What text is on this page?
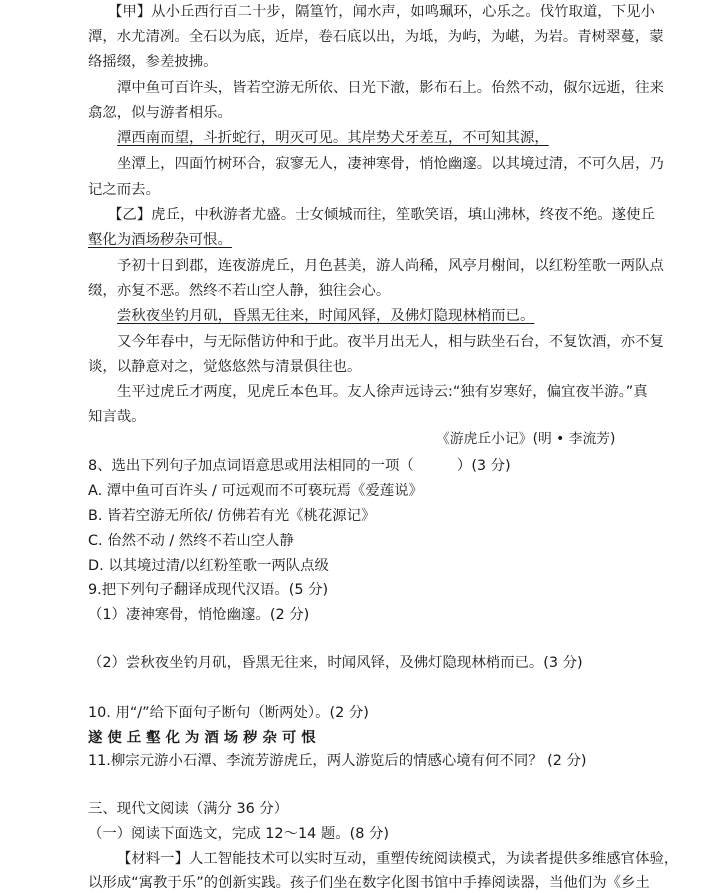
【甲】从小丘西行百二十步，隔篁竹，闻水声，如鸣珮环，心乐之。伐竹取道，下见小
潭，水尤清冽。全石以为底，近岸，卷石底以出，为坻，为屿，为嵁，为岩。青树翠蔓，蒙
络摇缀，参差披拂。
潭中鱼可百许头，皆若空游无所依、日光下澈，影布石上。佁然不动，俶尔远逝，往来
翕忽，似与游者相乐。
潭西南而望，斗折蛇行，明灭可见。其岸势犬牙差互，不可知其源，
坐潭上，四面竹树环合，寂寥无人，凄神寒骨，悄怆幽邃。以其境过清，不可久居，乃
记之而去。
【乙】虎丘，中秋游者尤盛。士女倾城而往，笙歌笑语，填山沸林，终夜不绝。遂使丘
壑化为酒场秽杂可恨。
予初十日到郡，连夜游虎丘，月色甚美，游人尚稀，风亭月榭间，以红粉笙歌一两队点
缀，亦复不恶。然终不若山空人静，独往会心。
尝秋夜坐钓月矶，昏黑无往来，时闻风铎，及佛灯隐现林梢而已。
又今年春中，与无际偕访仲和于此。夜半月出无人，相与趺坐石台，不复饮酒，亦不复
谈，以静意对之，觉悠悠然与清景俱往也。
生平过虎丘才两度，见虎丘本色耳。友人徐声远诗云:“独有岁寒好，偏宜夜半游。”真
知言哉。
《游虎丘小记》(明 • 李流芳)
8、选出下列句子加点词语意思或用法相同的一项（　　　）(3 分)
A. 潭中鱼可百许头 / 可远观而不可亵玩焉《爱莲说》
B. 皆若空游无所依/ 仿佛若有光《桃花源记》
C. 佁然不动 / 然终不若山空人静
D. 以其境过清/以红粉笙歌一两队点级
9.把下列句子翻译成现代汉语。(5 分)
（1）凄神寒骨，悄怆幽邃。(2 分)
（2）尝秋夜坐钓月矶，昏黑无往来，时闻风铎，及佛灯隐现林梢而已。(3 分)
10. 用“/”给下面句子断句（断两处）。(2 分)
遂使丘壑化为酒场秽杂可恨
11.柳宗元游小石潭、李流芳游虎丘，两人游览后的情感心境有何不同？ (2 分)
三、现代文阅读（满分 36 分）
（一）阅读下面选文，完成 12～14 题。(8 分)
【材料一】人工智能技术可以实时互动，重塑传统阅读模式，为读者提供多维感官体验，
以形成“寓教于乐”的创新实践。孩子们坐在数字化图书馆中手捧阅读器，当他们为《乡土
